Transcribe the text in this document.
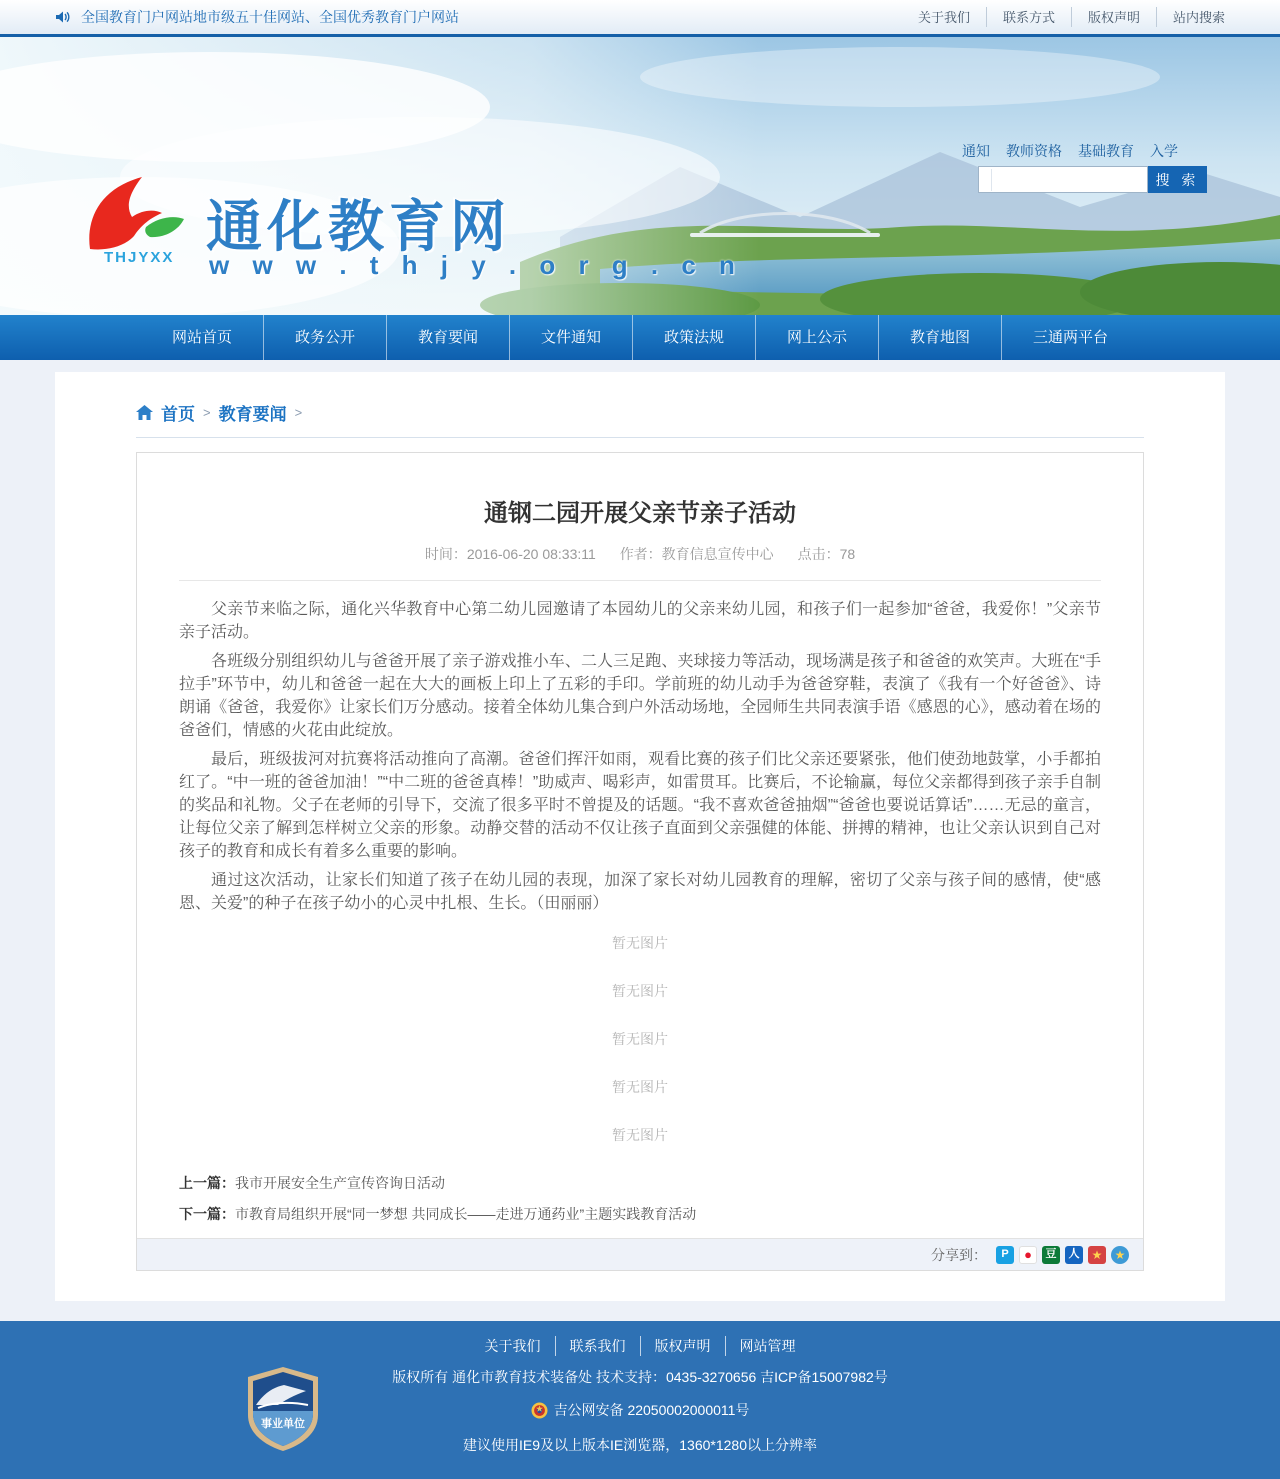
全国教育门户网站地市级五十佳网站、全国优秀教育门户网站	关于我们	联系方式	版权声明	站内搜索
THJYXX 通化教育网
w w w . t h j y . o r g . c n
通知 教师资格 基础教育 入学
搜 索
网站首页	政务公开	教育要闻	文件通知	政策法规	网上公示	教育地图	三通两平台
首页 > 教育要闻 >
通钢二园开展父亲节亲子活动
时间：2016-06-20 08:33:11 作者：教育信息宣传中心 点击：78

父亲节来临之际，通化兴华教育中心第二幼儿园邀请了本园幼儿的父亲来幼儿园，和孩子们一起参加“爸爸，我爱你！”父亲节亲子活动。

各班级分别组织幼儿与爸爸开展了亲子游戏推小车、二人三足跑、夹球接力等活动，现场满是孩子和爸爸的欢笑声。大班在“手拉手”环节中，幼儿和爸爸一起在大大的画板上印上了五彩的手印。学前班的幼儿动手为爸爸穿鞋，表演了《我有一个好爸爸》、诗朗诵《爸爸，我爱你》让家长们万分感动。接着全体幼儿集合到户外活动场地，全园师生共同表演手语《感恩的心》，感动着在场的爸爸们，情感的火花由此绽放。

最后，班级拔河对抗赛将活动推向了高潮。爸爸们挥汗如雨，观看比赛的孩子们比父亲还要紧张，他们使劲地鼓掌，小手都拍红了。“中一班的爸爸加油！”“中二班的爸爸真棒！”助威声、喝彩声，如雷贯耳。比赛后，不论输赢，每位父亲都得到孩子亲手自制的奖品和礼物。父子在老师的引导下，交流了很多平时不曾提及的话题。“我不喜欢爸爸抽烟”“爸爸也要说话算话”……无忌的童言，让每位父亲了解到怎样树立父亲的形象。动静交替的活动不仅让孩子直面到父亲强健的体能、拼搏的精神，也让父亲认识到自己对孩子的教育和成长有着多么重要的影响。

通过这次活动，让家长们知道了孩子在幼儿园的表现，加深了家长对幼儿园教育的理解，密切了父亲与孩子间的感情，使“感恩、关爱”的种子在孩子幼小的心灵中扎根、生长。（田丽丽）

暂无图片
暂无图片
暂无图片
暂无图片
暂无图片
上一篇：我市开展安全生产宣传咨询日活动
下一篇：市教育局组织开展“同一梦想 共同成长——走进万通药业”主题实践教育活动
分享到：	P	●	豆	人	★	★
事业单位
关于我们	联系我们	版权声明	网站管理
版权所有 通化市教育技术装备处 技术支持：0435-3270656 吉ICP备15007982号
吉公网安备 22050002000011号
建议使用IE9及以上版本IE浏览器，1360*1280以上分辨率
